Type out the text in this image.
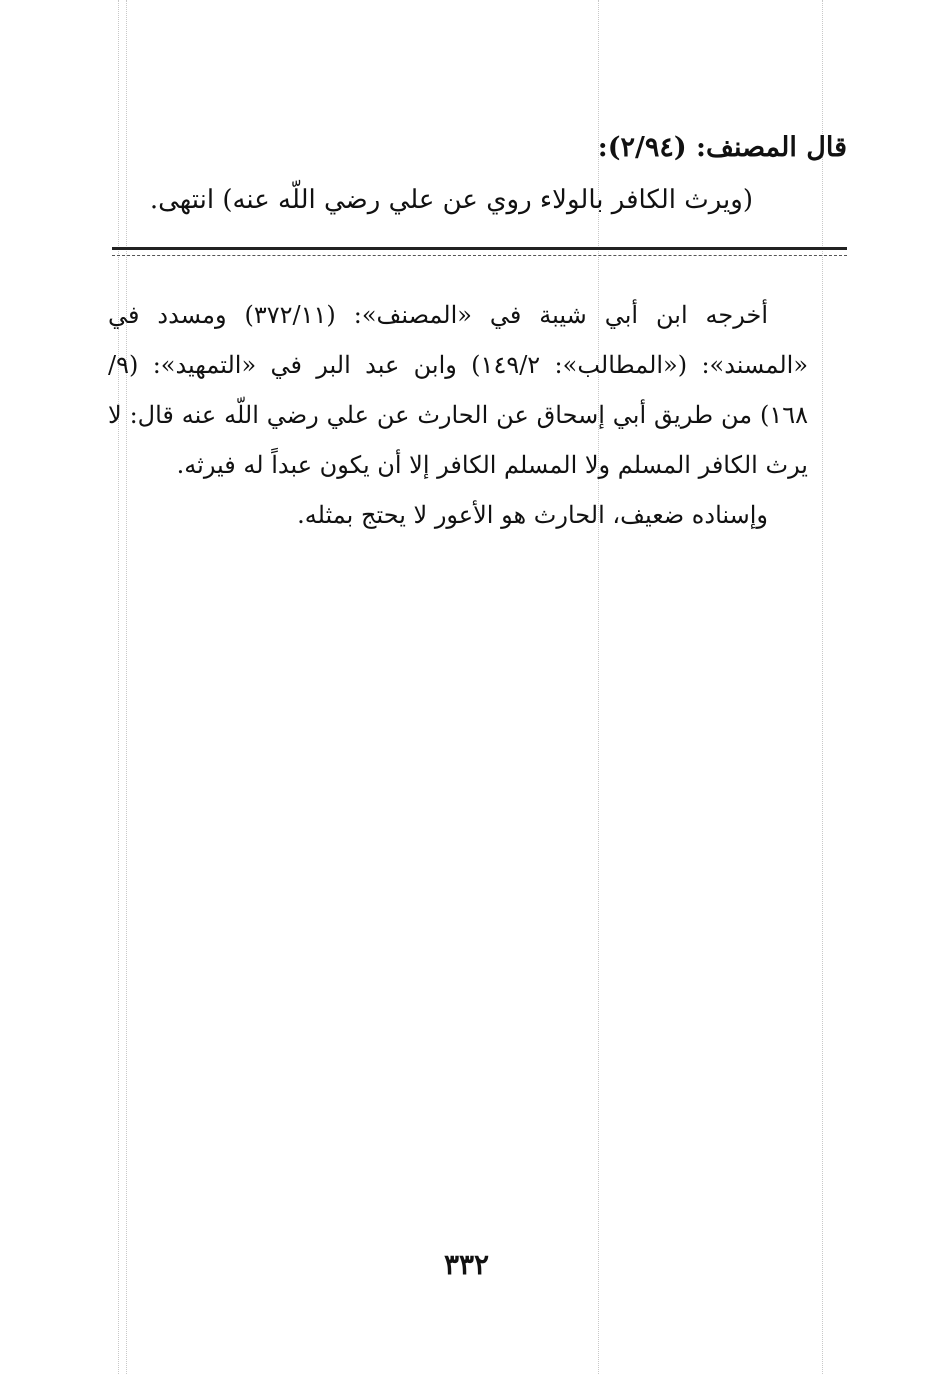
قال المصنف: (٢/٩٤):
(ويرث الكافر بالولاء روي عن علي رضي اللّه عنه) انتهى.

أخرجه ابن أبي شيبة في «المصنف»: (٣٧٢/١١) ومسدد في «المسند»: («المطالب»: ١٤٩/٢) وابن عبد البر في «التمهيد»: (٩/ ١٦٨) من طريق أبي إسحاق عن الحارث عن علي رضي اللّه عنه قال: لا يرث الكافر المسلم ولا المسلم الكافر إلا أن يكون عبداً له فيرثه.

وإسناده ضعيف، الحارث هو الأعور لا يحتج بمثله.

٣٣٢
